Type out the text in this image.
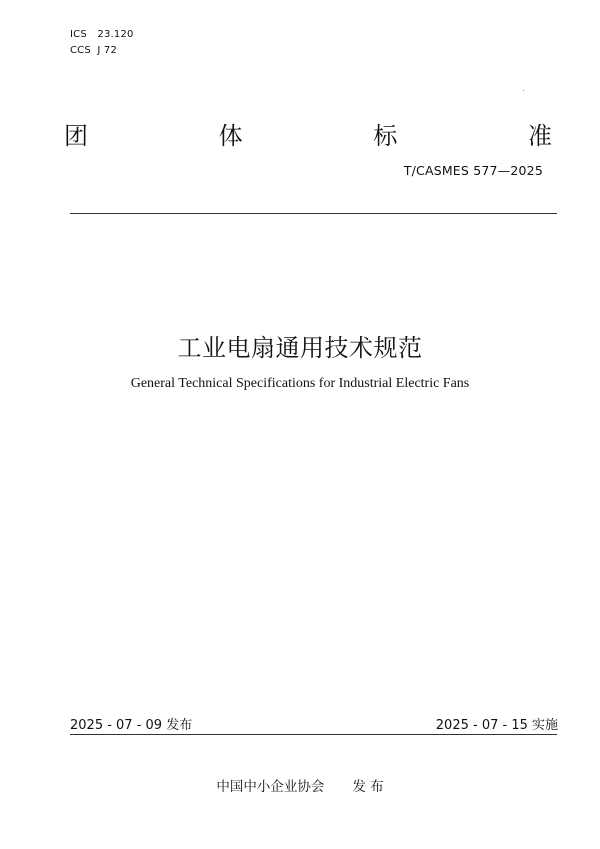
ICS 23.120
CCS J 72
团	体	标	准
T/CASMES 577—2025
工业电扇通用技术规范
General Technical Specifications for Industrial Electric Fans
2025 - 07 - 09 发布	2025 - 07 - 15 实施
中国中小企业协会 发 布
